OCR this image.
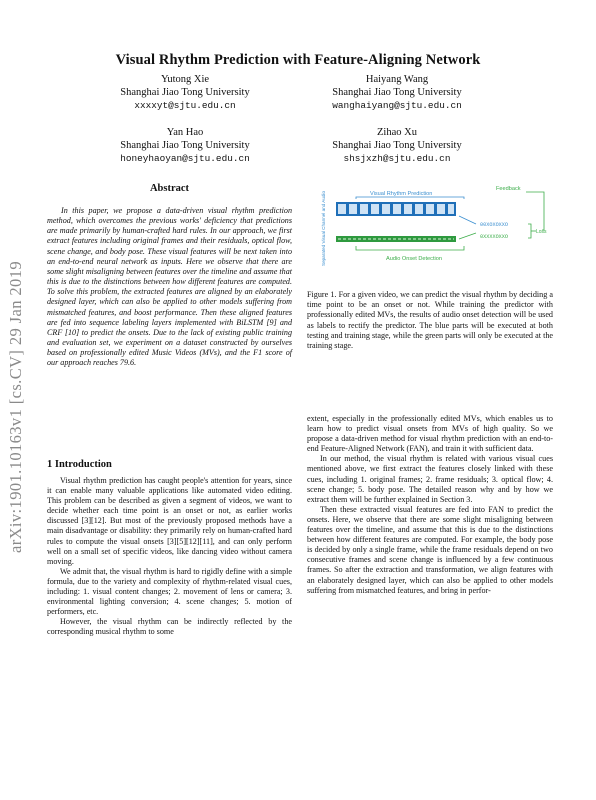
arXiv:1901.10163v1 [cs.CV] 29 Jan 2019
Visual Rhythm Prediction with Feature-Aligning Network
Yutong Xie
Shanghai Jiao Tong University
xxxxyt@sjtu.edu.cn
Haiyang Wang
Shanghai Jiao Tong University
wanghaiyang@sjtu.edu.cn
Yan Hao
Shanghai Jiao Tong University
honeyhaoyan@sjtu.edu.cn
Zihao Xu
Shanghai Jiao Tong University
shsjxzh@sjtu.edu.cn
Abstract

In this paper, we propose a data-driven visual rhythm prediction method, which overcomes the previous works' deficiency that predictions are made primarily by human-crafted hard rules. In our approach, we first extract features including original frames and their residuals, optical flow, scene change, and body pose. These visual features will be next taken into an end-to-end neural network as inputs. Here we observe that there are some slight misaligning between features over the timeline and assume that this is due to the distinctions between how different features are computed. To solve this problem, the extracted features are aligned by an elaborately designed layer, which can also be applied to other models suffering from mismatched features, and boost performance. Then these aligned features are fed into sequence labeling layers implemented with BiLSTM [9] and CRF [10] to predict the onsets. Due to the lack of existing public training and evaluation set, we experiment on a dataset constructed by ourselves based on professionally edited Music Videos (MVs), and the F1 score of our approach reaches 79.6.

1 Introduction

Visual rhythm prediction has caught people's attention for years, since it can enable many valuable applications like automated video editing. This problem can be described as given a segment of videos, we want to decide whether each time point is an onset or not, as earlier works discussed [3][12]. But most of the previously proposed methods have a main disadvantage or disability: they primarily rely on human-crafted hard rules to compute the visual onsets [3][5][12][11], and can only perform well on a small set of specific videos, like dancing video without camera moving.

We admit that, the visual rhythm is hard to rigidly define with a simple formula, due to the variety and complexity of rhythm-related visual cues, including: 1. visual content changes; 2. movement of lens or camera; 3. environmental lighting conversion; 4. scene changes; 5. motion of performers, etc.

However, the visual rhythm can be indirectly reflected by the corresponding musical rhythm to some

Separated Visual Channel and Audio	Visual Rhythm Prediction
Feedback
00XOXOXXO
0XXXXOXXO
Loss
Audio Onset Detection

Figure 1. For a given video, we can predict the visual rhythm by deciding a time point to be an onset or not. While training the predictor with professionally edited MVs, the results of audio onset detection will be used as labels to rectify the predictor. The blue parts will be executed at both testing and training stage, while the green parts will only be executed at the training stage.

extent, especially in the professionally edited MVs, which enables us to learn how to predict visual onsets from MVs of high quality. So we propose a data-driven method for visual rhythm prediction with an end-to-end Feature-Aligned Network (FAN), and train it with sufficient data.

In our method, the visual rhythm is related with various visual cues mentioned above, we first extract the features closely linked with these cues, including 1. original frames; 2. frame residuals; 3. optical flow; 4. scene change; 5. body pose. The detailed reason why and by how we extract them will be further explained in Section 3.

Then these extracted visual features are fed into FAN to predict the onsets. Here, we observe that there are some slight misaligning between features over the timeline, and assume that this is due to the distinctions between how different features are computed. For example, the body pose is decided by only a single frame, while the frame residuals depend on two consecutive frames and scene change is influenced by a few continuous frames. So after the extraction and transformation, we align features with an elaborately designed layer, which can also be applied to other models suffering from mismatched features, and bring in perfor-
